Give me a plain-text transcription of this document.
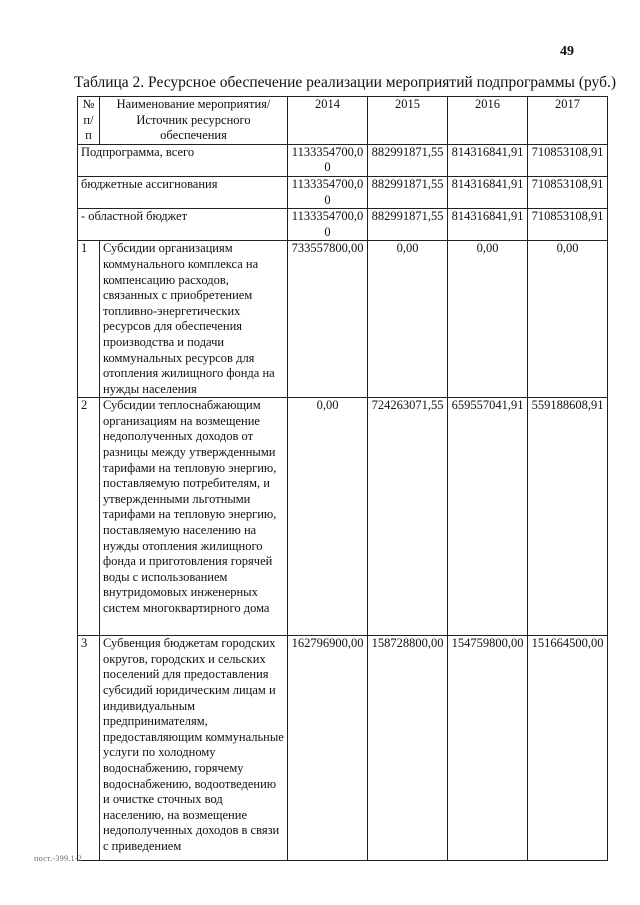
49
Таблица 2. Ресурсное обеспечение реализации мероприятий подпрограммы (руб.)
№ п/п	Наименование мероприятия/ Источник ресурсного обеспечения	2014	2015	2016	2017
Подпрограмма, всего		1133354700,00	882991871,55	814316841,91	710853108,91
бюджетные ассигнования		1133354700,00	882991871,55	814316841,91	710853108,91
- областной бюджет		1133354700,00	882991871,55	814316841,91	710853108,91
1	Субсидии организациям коммунального комплекса на компенсацию расходов, связанных с приобретением топливно-энергетических ресурсов для обеспечения производства и подачи коммунальных ресурсов для отопления жилищного фонда на нужды населения	733557800,00	0,00	0,00	0,00
2	Субсидии теплоснабжающим организациям на возмещение недополученных доходов от разницы между утвержденными тарифами на тепловую энергию, поставляемую потребителям, и утвержденными льготными тарифами на тепловую энергию, поставляемую населению на нужды отопления жилищного фонда и приготовления горячей воды с использованием внутридомовых инженерных систем многоквартирного дома	0,00	724263071,55	659557041,91	559188608,91
3	Субвенция бюджетам городских округов, городских и сельских поселений для предоставления субсидий юридическим лицам и индивидуальным предпринимателям, предоставляющим коммунальные услуги по холодному водоснабжению, горячему водоснабжению, водоотведению и очистке сточных вод населению, на возмещение недополученных доходов в связи с приведением	162796900,00	158728800,00	154759800,00	151664500,00
пост.-399.1-2
